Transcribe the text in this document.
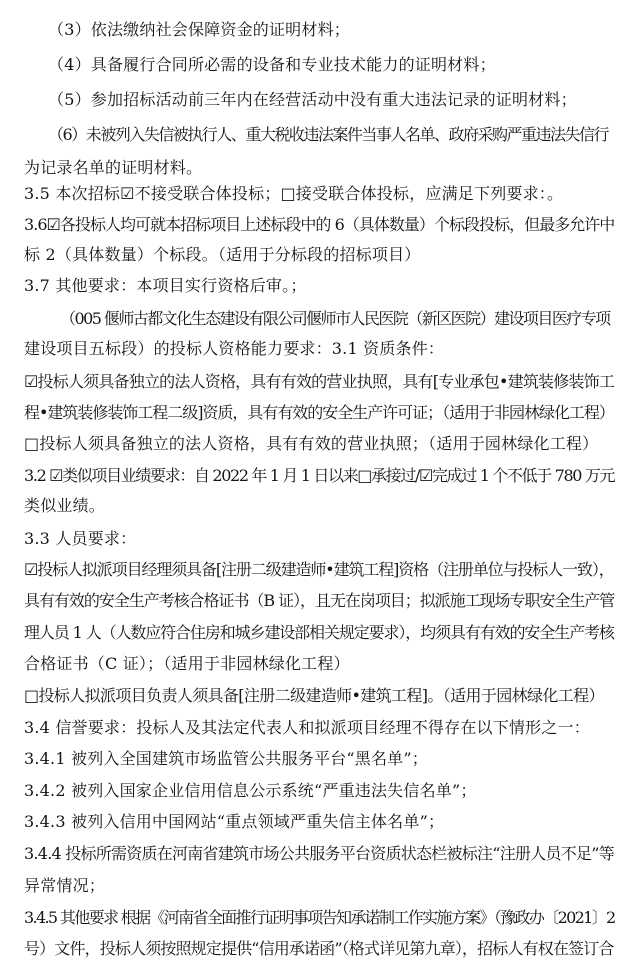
（3）依法缴纳社会保障资金的证明材料；
（4）具备履行合同所必需的设备和专业技术能力的证明材料；
（5）参加招标活动前三年内在经营活动中没有重大违法记录的证明材料；
（6）未被列入失信被执行人、重大税收违法案件当事人名单、政府采购严重违法失信行
为记录名单的证明材料。
3.5 本次招标☑不接受联合体投标；□接受联合体投标，应满足下列要求：。
3.6☑各投标人均可就本招标项目上述标段中的 6（具体数量）个标段投标，但最多允许中
标 2（具体数量）个标段。（适用于分标段的招标项目）
3.7 其他要求：本项目实行资格后审。；
（005 偃师古都文化生态建设有限公司偃师市人民医院（新区医院）建设项目医疗专项
建设项目五标段）的投标人资格能力要求：3.1 资质条件：
☑投标人须具备独立的法人资格，具有有效的营业执照，具有[专业承包•建筑装修装饰工
程•建筑装修装饰工程二级]资质，具有有效的安全生产许可证；（适用于非园林绿化工程）
□投标人须具备独立的法人资格，具有有效的营业执照；（适用于园林绿化工程）
3.2 ☑类似项目业绩要求：自 2022 年 1 月 1 日以来□承接过/☑完成过 1 个不低于 780 万元
类似业绩。
3.3 人员要求：
☑投标人拟派项目经理须具备[注册二级建造师•建筑工程]资格（注册单位与投标人一致），
具有有效的安全生产考核合格证书（B 证），且无在岗项目；拟派施工现场专职安全生产管
理人员 1 人（人数应符合住房和城乡建设部相关规定要求），均须具有有效的安全生产考核
合格证书（C 证）；（适用于非园林绿化工程）
□投标人拟派项目负责人须具备[注册二级建造师•建筑工程]。（适用于园林绿化工程）
3.4 信誉要求：投标人及其法定代表人和拟派项目经理不得存在以下情形之一：
3.4.1 被列入全国建筑市场监管公共服务平台“黑名单”；
3.4.2 被列入国家企业信用信息公示系统“严重违法失信名单”；
3.4.3 被列入信用中国网站“重点领域严重失信主体名单”；
3.4.4 投标所需资质在河南省建筑市场公共服务平台资质状态栏被标注“注册人员不足”等
异常情况；
3.4.5 其他要求 根据《河南省全面推行证明事项告知承诺制工作实施方案》（豫政办〔2021〕2
号）文件，投标人须按照规定提供“信用承诺函”（格式详见第九章），招标人有权在签订合
